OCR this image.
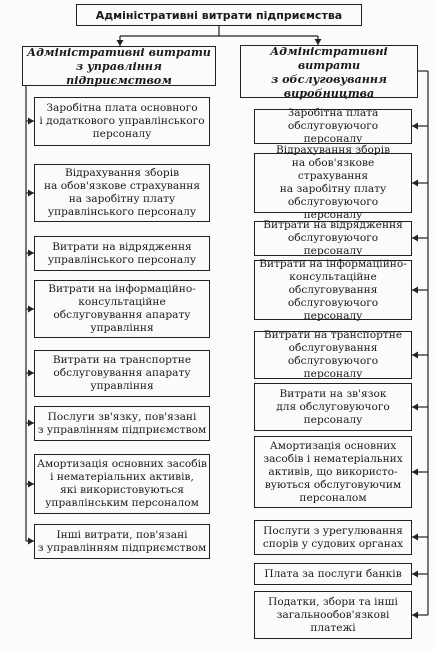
Адміністративні витрати підприємства
Адміністративні витрати
з управління підприємством
Адміністративні витрати
з обслуговування
виробництва
Заробітна плата основного
і додаткового управлінського
персоналу
Відрахування зборів
на обов'язкове страхування
на заробітну плату
управлінського персоналу
Витрати на відрядження
управлінського персоналу
Витрати на інформаційно-
консультаційне
обслуговування апарату
управління
Витрати на транспортне
обслуговування апарату
управління
Послуги зв'язку, пов'язані
з управлінням підприємством
Амортизація основних засобів
і нематеріальних активів,
які використовуються
управлінським персоналом
Інші витрати, пов'язані
з управлінням підприємством
Заробітна плата
обслуговуючого персоналу
Відрахування зборів
на обов'язкове страхування
на заробітну плату
обслуговуючого персоналу
Витрати на відрядження
обслуговуючого персоналу
Витрати на інформаційно-
консультаційне
обслуговування
обслуговуючого персоналу
Витрати на транспортне
обслуговування
обслуговуючого персоналу
Витрати на зв'язок
для обслуговуючого
персоналу
Амортизація основних
засобів і нематеріальних
активів, що використо-
вуються обслуговуючим
персоналом
Послуги з урегулювання
спорів у судових органах
Плата за послуги банків
Податки, збори та інші
загальнообов'язкові
платежі
